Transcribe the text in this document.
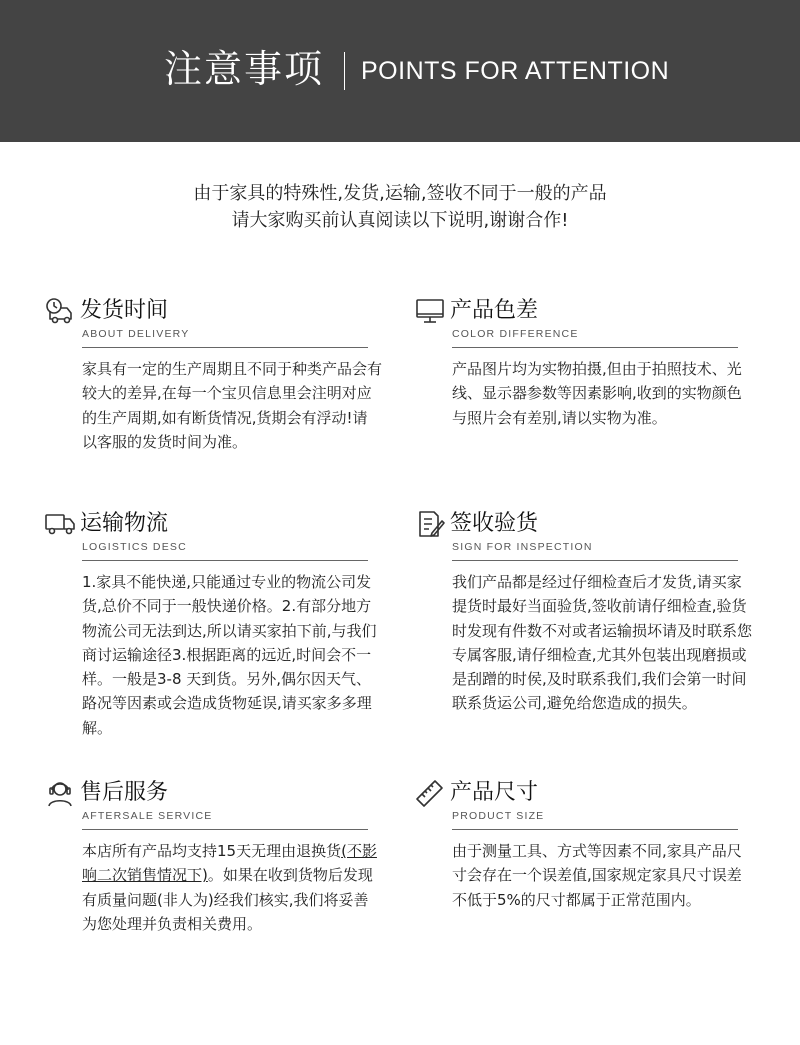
注意事项 POINTS FOR ATTENTION
由于家具的特殊性,发货,运输,签收不同于一般的产品
请大家购买前认真阅读以下说明,谢谢合作!
发货时间
ABOUT DELIVERY
家具有一定的生产周期且不同于种类产品会有较大的差异,在每一个宝贝信息里会注明对应的生产周期,如有断货情况,货期会有浮动!请以客服的发货时间为准。
产品色差
COLOR DIFFERENCE
产品图片均为实物拍摄,但由于拍照技术、光线、显示器参数等因素影响,收到的实物颜色与照片会有差别,请以实物为准。
运输物流
LOGISTICS DESC
1.家具不能快递,只能通过专业的物流公司发货,总价不同于一般快递价格。2.有部分地方物流公司无法到达,所以请买家拍下前,与我们商讨运输途径3.根据距离的远近,时间会不一样。一般是3-8 天到货。另外,偶尔因天气、路况等因素或会造成货物延误,请买家多多理解。
签收验货
SIGN FOR INSPECTION
我们产品都是经过仔细检查后才发货,请买家提货时最好当面验货,签收前请仔细检查,验货时发现有件数不对或者运输损坏请及时联系您专属客服,请仔细检查,尤其外包装出现磨损或是刮蹭的时侯,及时联系我们,我们会第一时间联系货运公司,避免给您造成的损失。
售后服务
AFTERSALE SERVICE
本店所有产品均支持15天无理由退换货(不影响二次销售情况下)。如果在收到货物后发现有质量问题(非人为)经我们核实,我们将妥善为您处理并负责相关费用。
产品尺寸
PRODUCT SIZE
由于测量工具、方式等因素不同,家具产品尺寸会存在一个误差值,国家规定家具尺寸误差不低于5%的尺寸都属于正常范围内。
